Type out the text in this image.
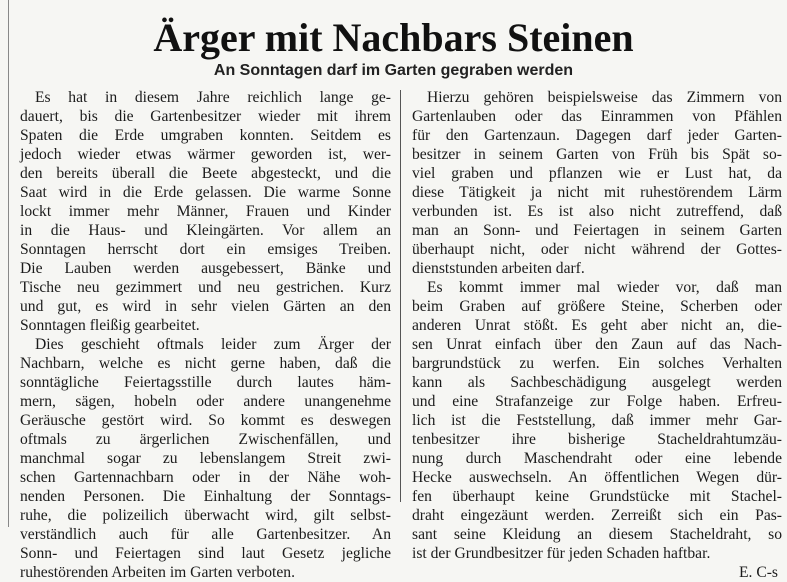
Ärger mit Nachbars Steinen
An Sonntagen darf im Garten gegraben werden
Es hat in diesem Jahre reichlich lange ge-
dauert, bis die Gartenbesitzer wieder mit ihrem
Spaten die Erde umgraben konnten. Seitdem es
jedoch wieder etwas wärmer geworden ist, wer-
den bereits überall die Beete abgesteckt, und die
Saat wird in die Erde gelassen. Die warme Sonne
lockt immer mehr Männer, Frauen und Kinder
in die Haus- und Kleingärten. Vor allem an
Sonntagen herrscht dort ein emsiges Treiben.
Die Lauben werden ausgebessert, Bänke und
Tische neu gezimmert und neu gestrichen. Kurz
und gut, es wird in sehr vielen Gärten an den
Sonntagen fleißig gearbeitet.
Dies geschieht oftmals leider zum Ärger der
Nachbarn, welche es nicht gerne haben, daß die
sonntägliche Feiertagsstille durch lautes häm-
mern, sägen, hobeln oder andere unangenehme
Geräusche gestört wird. So kommt es deswegen
oftmals zu ärgerlichen Zwischenfällen, und
manchmal sogar zu lebenslangem Streit zwi-
schen Gartennachbarn oder in der Nähe woh-
nenden Personen. Die Einhaltung der Sonntags-
ruhe, die polizeilich überwacht wird, gilt selbst-
verständlich auch für alle Gartenbesitzer. An
Sonn- und Feiertagen sind laut Gesetz jegliche
ruhestörenden Arbeiten im Garten verboten.
Hierzu gehören beispielsweise das Zimmern von
Gartenlauben oder das Einrammen von Pfählen
für den Gartenzaun. Dagegen darf jeder Garten-
besitzer in seinem Garten von Früh bis Spät so-
viel graben und pflanzen wie er Lust hat, da
diese Tätigkeit ja nicht mit ruhestörendem Lärm
verbunden ist. Es ist also nicht zutreffend, daß
man an Sonn- und Feiertagen in seinem Garten
überhaupt nicht, oder nicht während der Gottes-
dienststunden arbeiten darf.
Es kommt immer mal wieder vor, daß man
beim Graben auf größere Steine, Scherben oder
anderen Unrat stößt. Es geht aber nicht an, die-
sen Unrat einfach über den Zaun auf das Nach-
bargrundstück zu werfen. Ein solches Verhalten
kann als Sachbeschädigung ausgelegt werden
und eine Strafanzeige zur Folge haben. Erfreu-
lich ist die Feststellung, daß immer mehr Gar-
tenbesitzer ihre bisherige Stacheldrahtumzäu-
nung durch Maschendraht oder eine lebende
Hecke auswechseln. An öffentlichen Wegen dür-
fen überhaupt keine Grundstücke mit Stachel-
draht eingezäunt werden. Zerreißt sich ein Pas-
sant seine Kleidung an diesem Stacheldraht, so
ist der Grundbesitzer für jeden Schaden haftbar.
E. C-s
